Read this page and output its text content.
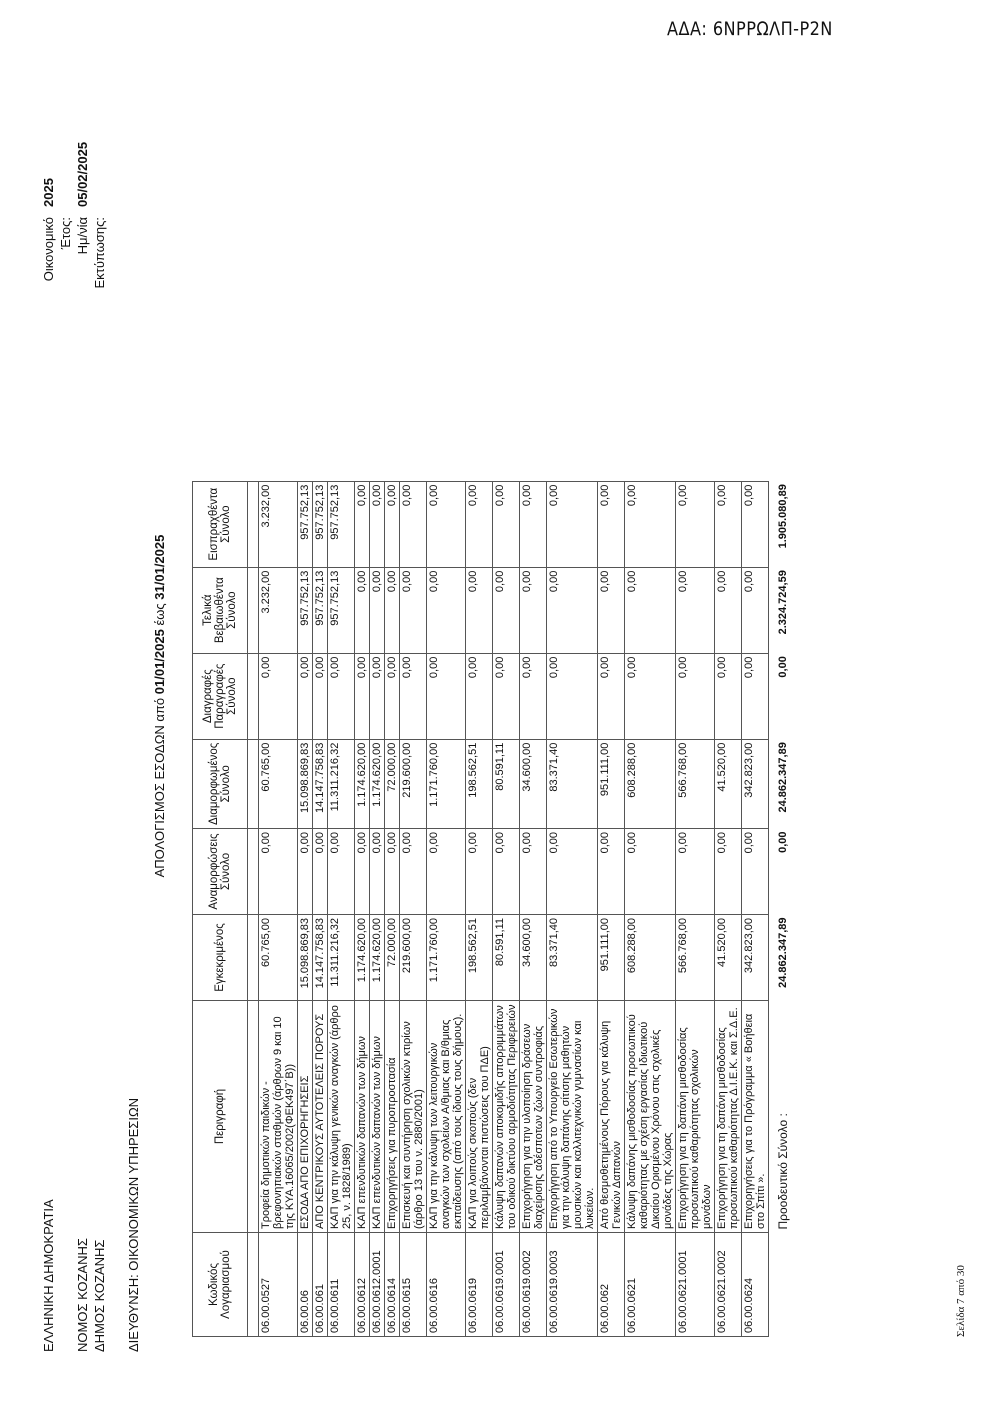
ΑΔΑ: 6ΝΡΡΩΛΠ-Ρ2Ν
ΕΛΛΗΝΙΚΗ ΔΗΜΟΚΡΑΤΙΑ ΝΟΜΟΣ ΚΟΖΑΝΗΣ ΔΗΜΟΣ ΚΟΖΑΝΗΣ ΔΙΕΥΘΥΝΣΗ: ΟΙΚΟΝΟΜΙΚΩΝ ΥΠΗΡΕΣΙΩΝ
Οικονομικό Έτος:
2025
Ημ/νία Εκτύπωσης:
05/02/2025
ΑΠΟΛΟΓΙΣΜΟΣ ΕΣΟΔΩΝ από 01/01/2025 έως 31/01/2025
Κωδικός Λογαριασμού	Περιγραφή	Εγκεκριμένος	Αναμορφώσεις Σύνολο	Διαμορφωμένος Σύνολο	Διαγραφές Παραγραφές Σύνολο	Τελικά Βεβαιωθέντα Σύνολο	Εισπραχθέντα Σύνολο

06.00.0527	Τροφεία δημοτικών παιδικών - βρεφονηπιακών σταθμών (άρθρων 9 και 10 της ΚΥΑ.16065/2002(ΦΕΚ497΄Β))	60.765,00	0,00	60.765,00	0,00	3.232,00	3.232,00
06.00.06	ΕΣΟΔΑ ΑΠΟ ΕΠΙΧΟΡΗΓΗΣΕΙΣ	15.098.869,83	0,00	15.098.869,83	0,00	957.752,13	957.752,13
06.00.061	ΑΠΟ ΚΕΝΤΡΙΚΟΥΣ ΑΥΤΟΤΕΛΕΙΣ ΠΟΡΟΥΣ	14.147.758,83	0,00	14.147.758,83	0,00	957.752,13	957.752,13
06.00.0611	ΚΑΠ για την κάλυψη γενικών αναγκών (άρθρο 25, ν. 1828/1989)	11.311.216,32	0,00	11.311.216,32	0,00	957.752,13	957.752,13
06.00.0612	ΚΑΠ επενδυτικών δαπανών των δήμων	1.174.620,00	0,00	1.174.620,00	0,00	0,00	0,00
06.00.0612.0001	ΚΑΠ επενδυτικών δαπανών των δήμων	1.174.620,00	0,00	1.174.620,00	0,00	0,00	0,00
06.00.0614	Επιχορηγήσεις για πυροπροστασία	72.000,00	0,00	72.000,00	0,00	0,00	0,00
06.00.0615	Επισκευή και συντήρηση σχολικών κτιρίων (άρθρο 13 του ν. 2880/2001)	219.600,00	0,00	219.600,00	0,00	0,00	0,00
06.00.0616	ΚΑΠ για την κάλυψη των λειτουργικών αναγκών των σχολείων Α/θμιας και Β/θμιας εκπαίδευσης (από τους ίδιους τους δήμους).	1.171.760,00	0,00	1.171.760,00	0,00	0,00	0,00
06.00.0619	ΚΑΠ για λοιπούς σκοπούς (δεν περιλαμβάνονται πιστώσεις του ΠΔΕ)	198.562,51	0,00	198.562,51	0,00	0,00	0,00
06.00.0619.0001	Κάλυψη δαπανών αποκομιδής απορριμμάτων του οδικού δικτύου αρμοδιότητας Περιφερειών	80.591,11	0,00	80.591,11	0,00	0,00	0,00
06.00.0619.0002	Επιχορήγηση για την υλοποίηση δράσεων διαχείρισης αδέσποτων ζώων συντροφιάς	34.600,00	0,00	34.600,00	0,00	0,00	0,00
06.00.0619.0003	Επιχορήγηση από το Υπουργείο Εσωτερικών για την κάλυψη δαπάνης σίτισης μαθητών μουσικών και καλλιτεχνικών γυμνασίων και λυκείων.	83.371,40	0,00	83.371,40	0,00	0,00	0,00
06.00.062	Από θεσμοθετημένους Πόρους για κάλυψη Γενικών Δαπανών	951.111,00	0,00	951.111,00	0,00	0,00	0,00
06.00.0621	Κάλυψη δαπάνης μισθοδοσίας προσωπικού καθαριότητας με σχέση εργασίας Ιδιωτικού Δικαίου Ορισμένου Χρόνου στις σχολικές μονάδες της Χώρας	608.288,00	0,00	608.288,00	0,00	0,00	0,00
06.00.0621.0001	Επιχορήγηση για τη δαπάνη μισθοδοσίας προσωπικού καθαριότητας σχολικών μονάδων	566.768,00	0,00	566.768,00	0,00	0,00	0,00
06.00.0621.0002	Επιχορήγηση για τη δαπάνη μισθοδοσίας προσωπικού καθαριότητας Δ.Ι.Ε.Κ. και Σ.Δ.Ε.	41.520,00	0,00	41.520,00	0,00	0,00	0,00
06.00.0624	Επιχορηγήσεις για το Πρόγραμμα « Βοήθεια στο Σπίτι ».	342.823,00	0,00	342.823,00	0,00	0,00	0,00
	Προοδευτικό Σύνολο :	24.862.347,89	0,00	24.862.347,89	0,00	2.324.724,59	1.905.080,89
Σελίδα 7 από 30
